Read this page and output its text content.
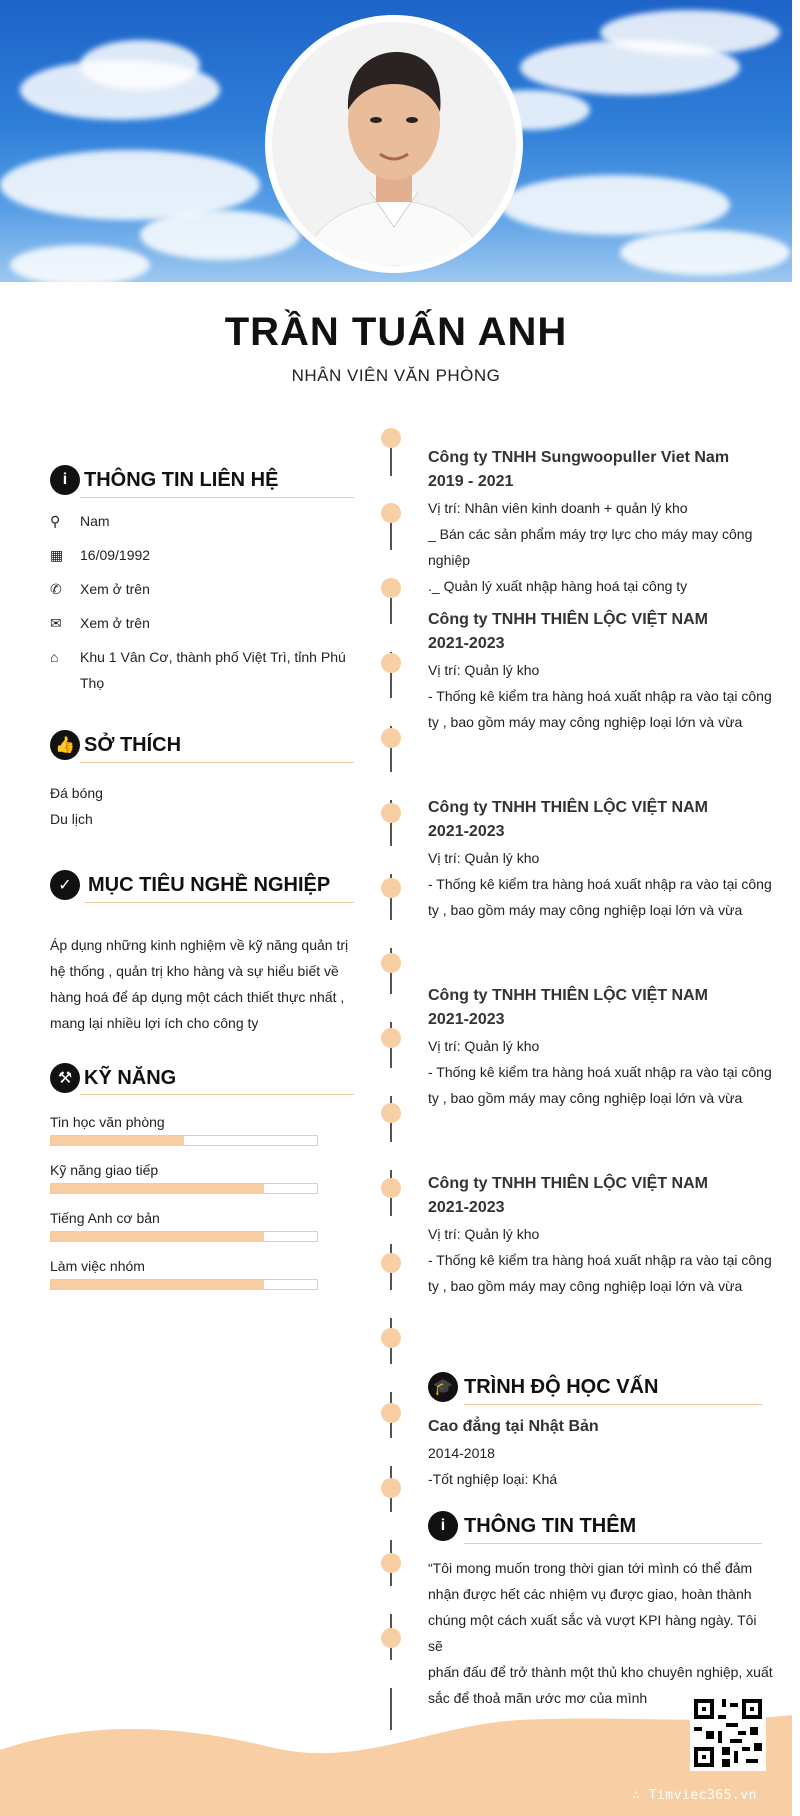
TRẦN TUẤN ANH
NHÂN VIÊN VĂN PHÒNG
i THÔNG TIN LIÊN HỆ
⚲	Nam
▦	16/09/1992
✆	Xem ở trên
✉	Xem ở trên
⌂	Khu 1 Vân Cơ, thành phố Việt Trì, tỉnh Phú
Thọ
👍 SỞ THÍCH
Đá bóng
Du lịch
✓ MỤC TIÊU NGHỀ NGHIỆP
Áp dụng những kinh nghiệm về kỹ năng quản trị
hệ thống , quản trị kho hàng và sự hiểu biết về
hàng hoá để áp dụng một cách thiết thực nhất ,
mang lại nhiều lợi ích cho công ty
⚒ KỸ NĂNG
Tin học văn phòng
Kỹ năng giao tiếp
Tiếng Anh cơ bản
Làm việc nhóm
Công ty TNHH Sungwoopuller Viet Nam
2019 - 2021
Vị trí: Nhân viên kinh doanh + quản lý kho
_ Bán các sản phẩm máy trợ lực cho máy may công
nghiệp
._ Quản lý xuất nhập hàng hoá tại công ty
Công ty TNHH THIÊN LỘC VIỆT NAM
2021-2023
Vị trí: Quản lý kho
- Thống kê kiểm tra hàng hoá xuất nhập ra vào tại công
ty , bao gồm máy may công nghiệp loại lớn và vừa
Công ty TNHH THIÊN LỘC VIỆT NAM
2021-2023
Vị trí: Quản lý kho
- Thống kê kiểm tra hàng hoá xuất nhập ra vào tại công
ty , bao gồm máy may công nghiệp loại lớn và vừa
Công ty TNHH THIÊN LỘC VIỆT NAM
2021-2023
Vị trí: Quản lý kho
- Thống kê kiểm tra hàng hoá xuất nhập ra vào tại công
ty , bao gồm máy may công nghiệp loại lớn và vừa
Công ty TNHH THIÊN LỘC VIỆT NAM
2021-2023
Vị trí: Quản lý kho
- Thống kê kiểm tra hàng hoá xuất nhập ra vào tại công
ty , bao gồm máy may công nghiệp loại lớn và vừa
🎓 TRÌNH ĐỘ HỌC VẤN
Cao đẳng tại Nhật Bản
2014-2018
-Tốt nghiệp loại: Khá
i THÔNG TIN THÊM
“Tôi mong muốn trong thời gian tới mình có thể đảm
nhận được hết các nhiệm vụ được giao, hoàn thành
chúng một cách xuất sắc và vượt KPI hàng ngày. Tôi sẽ
phấn đấu để trở thành một thủ kho chuyên nghiệp, xuất
sắc để thoả mãn ước mơ của mình
∴ Timviec365.vn
